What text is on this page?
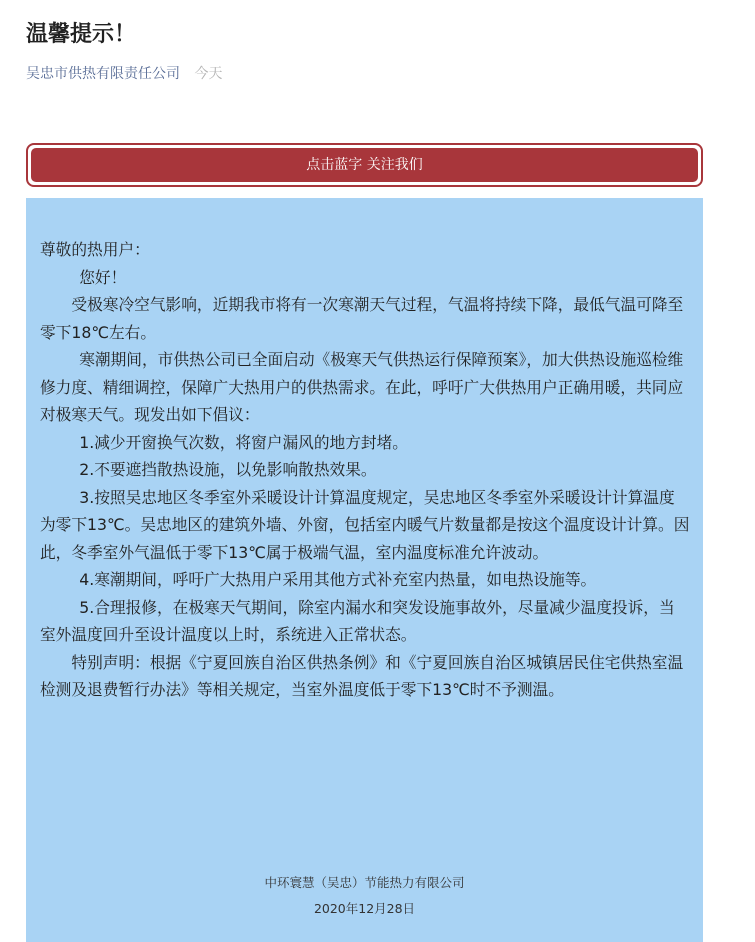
温馨提示！
吴忠市供热有限责任公司 今天
点击蓝字 关注我们

尊敬的热用户：

您好！

受极寒冷空气影响，近期我市将有一次寒潮天气过程，气温将持续下降，最低气温可降至零下18℃左右。

寒潮期间，市供热公司已全面启动《极寒天气供热运行保障预案》，加大供热设施巡检维修力度、精细调控，保障广大热用户的供热需求。在此，呼吁广大供热用户正确用暖，共同应对极寒天气。现发出如下倡议：

1.减少开窗换气次数，将窗户漏风的地方封堵。

2.不要遮挡散热设施，以免影响散热效果。

3.按照吴忠地区冬季室外采暖设计计算温度规定，吴忠地区冬季室外采暖设计计算温度为零下13℃。吴忠地区的建筑外墙、外窗，包括室内暖气片数量都是按这个温度设计计算。因此，冬季室外气温低于零下13℃属于极端气温，室内温度标准允许波动。

4.寒潮期间，呼吁广大热用户采用其他方式补充室内热量，如电热设施等。

5.合理报修，在极寒天气期间，除室内漏水和突发设施事故外，尽量减少温度投诉，当室外温度回升至设计温度以上时，系统进入正常状态。

特别声明：根据《宁夏回族自治区供热条例》和《宁夏回族自治区城镇居民住宅供热室温检测及退费暂行办法》等相关规定，当室外温度低于零下13℃时不予测温。

中环寰慧（吴忠）节能热力有限公司
2020年12月28日
